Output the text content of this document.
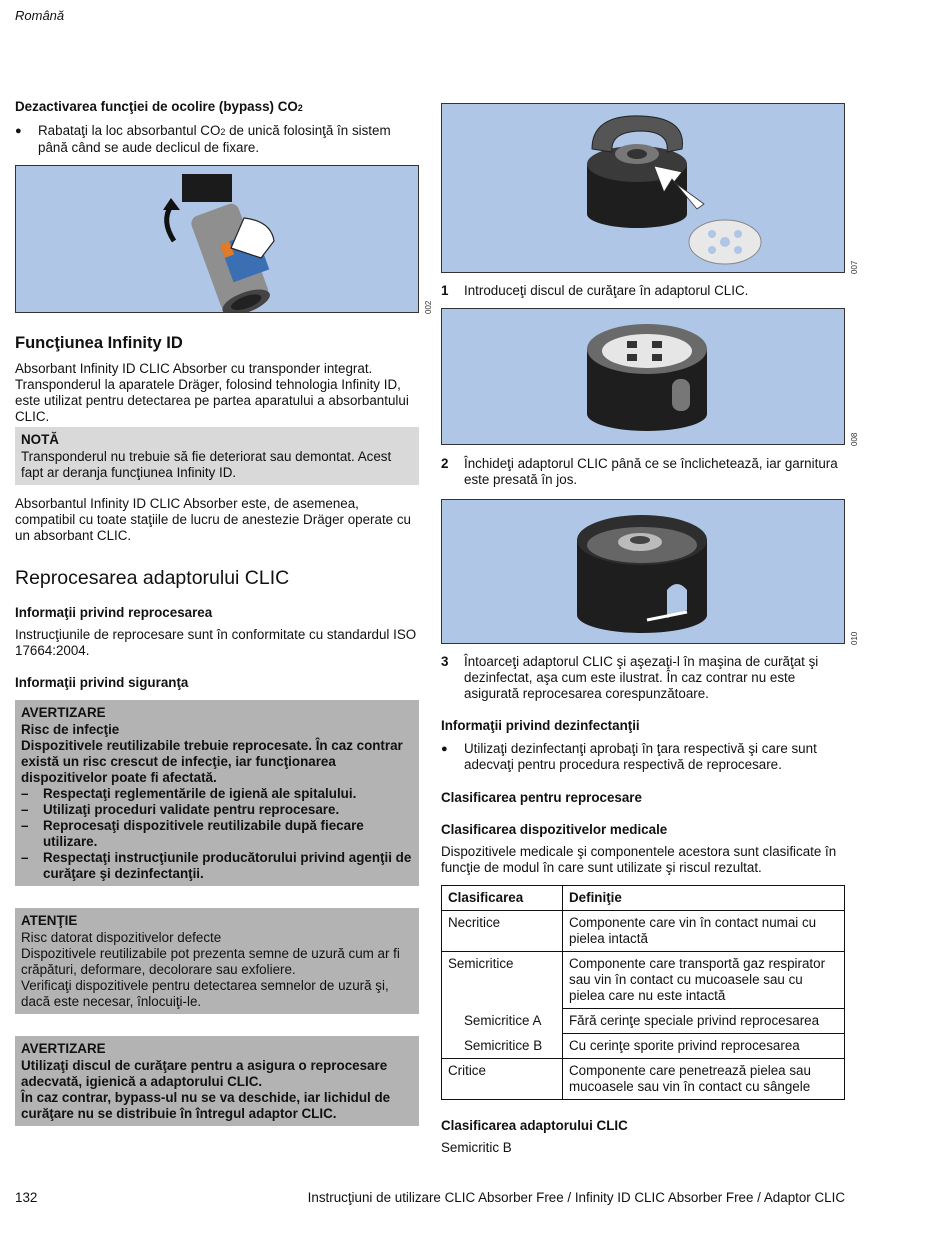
Română
Dezactivarea funcţiei de ocolire (bypass) CO2
● Rabataţi la loc absorbantul CO2 de unică folosinţă în sistem până când se aude declicul de fixare.
002
Funcţiunea Infinity ID

Absorbant Infinity ID CLIC Absorber cu transponder integrat. Transponderul la aparatele Dräger, folosind tehnologia Infinity ID, este utilizat pentru detectarea pe partea aparatului a absorbantului CLIC.

NOTĂ

Transponderul nu trebuie să fie deteriorat sau demontat. Acest fapt ar deranja funcţiunea Infinity ID.

Absorbantul Infinity ID CLIC Absorber este, de asemenea, compatibil cu toate staţiile de lucru de anestezie Dräger operate cu un absorbant CLIC.

Reprocesarea adaptorului CLIC
Informaţii privind reprocesarea

Instrucţiunile de reprocesare sunt în conformitate cu standardul ISO 17664:2004.

Informaţii privind siguranţa
AVERTIZARE

Risc de infecţie

Dispozitivele reutilizabile trebuie reprocesate. În caz contrar există un risc crescut de infecţie, iar funcţionarea dispozitivelor poate fi afectată.

– Respectaţi reglementările de igienă ale spitalului.
– Utilizaţi proceduri validate pentru reprocesare.
– Reprocesaţi dispozitivele reutilizabile după fiecare utilizare.
– Respectaţi instrucţiunile producătorului privind agenţii de curăţare şi dezinfectanţii.
ATENŢIE

Risc datorat dispozitivelor defecte

Dispozitivele reutilizabile pot prezenta semne de uzură cum ar fi crăpături, deformare, decolorare sau exfoliere.

Verificaţi dispozitivele pentru detectarea semnelor de uzură şi, dacă este necesar, înlocuiţi-le.

AVERTIZARE

Utilizaţi discul de curăţare pentru a asigura o reprocesare adecvată, igienică a adaptorului CLIC.

În caz contrar, bypass-ul nu se va deschide, iar lichidul de curăţare nu se distribuie în întregul adaptor CLIC.

007
1 Introduceţi discul de curăţare în adaptorul CLIC.
008
2 Închideţi adaptorul CLIC până ce se înclichetează, iar garnitura este presată în jos.
010
3 Întoarceţi adaptorul CLIC şi aşezaţi-l în maşina de curăţat şi dezinfectat, aşa cum este ilustrat. În caz contrar nu este asigurată reprocesarea corespunzătoare.
Informaţii privind dezinfectanţii
● Utilizaţi dezinfectanţi aprobaţi în ţara respectivă şi care sunt adecvaţi pentru procedura respectivă de reprocesare.
Clasificarea pentru reprocesare
Clasificarea dispozitivelor medicale

Dispozitivele medicale şi componentele acestora sunt clasificate în funcţie de modul în care sunt utilizate şi riscul rezultat.

Clasificarea	Definiţie
Necritice	Componente care vin în contact numai cu pielea intactă
Semicritice	Componente care transportă gaz respirator sau vin în contact cu mucoasele sau cu pielea care nu este intactă
Semicritice A	Fără cerinţe speciale privind reprocesarea
Semicritice B	Cu cerinţe sporite privind reprocesarea
Critice	Componente care penetrează pielea sau mucoasele sau vin în contact cu sângele
Clasificarea adaptorului CLIC

Semicritic B

132	Instrucţiuni de utilizare CLIC Absorber Free / Infinity ID CLIC Absorber Free / Adaptor CLIC
